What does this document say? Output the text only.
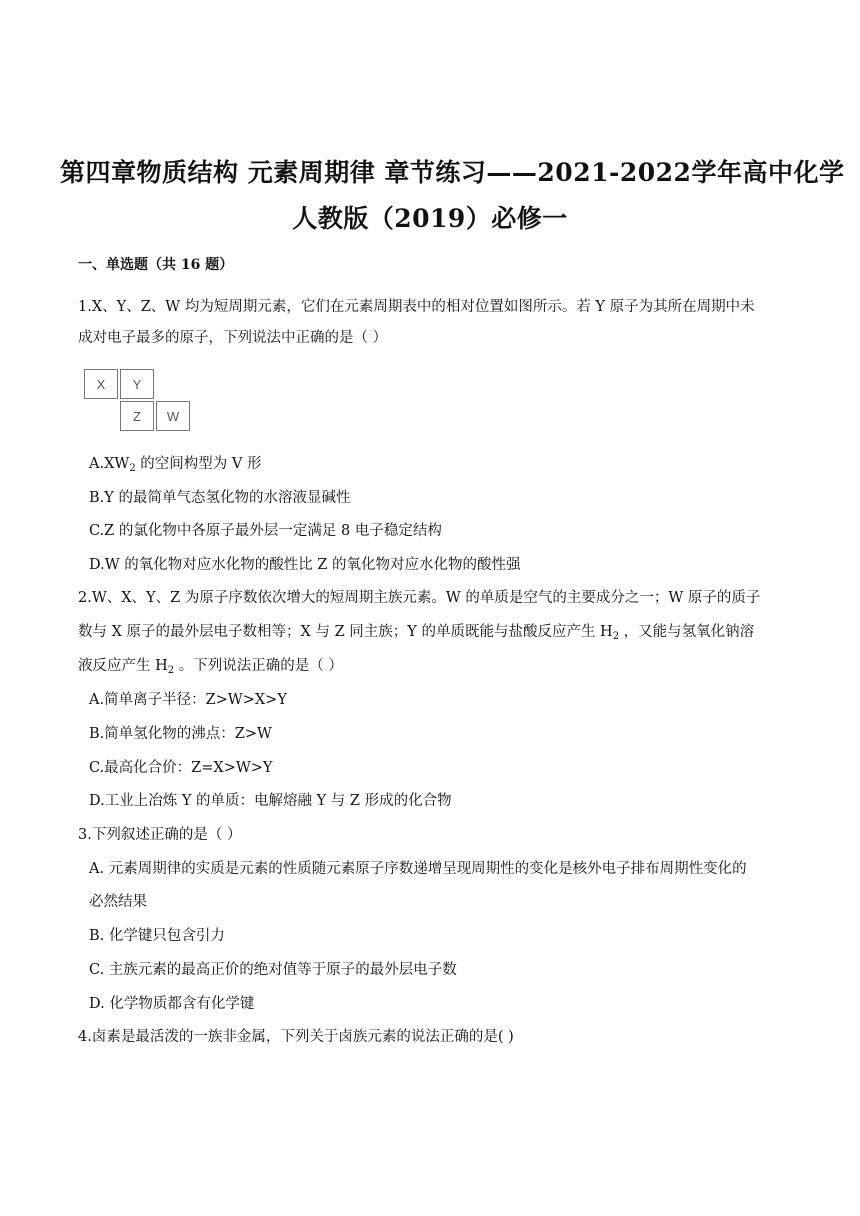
第四章物质结构 元素周期律 章节练习——2021-2022学年高中化学
人教版（2019）必修一
一、单选题（共 16 题）
1.X、Y、Z、W 均为短周期元素，它们在元素周期表中的相对位置如图所示。若 Y 原子为其所在周期中未
成对电子最多的原子，下列说法中正确的是（ ）
X	Y
Z	W
$A.XW_2$ 的空间构型为 V 形
B.Y 的最简单气态氢化物的水溶液显碱性
C.Z 的氯化物中各原子最外层一定满足 8 电子稳定结构
D.W 的氧化物对应水化物的酸性比 Z 的氧化物对应水化物的酸性强
2.W、X、Y、Z 为原子序数依次增大的短周期主族元素。W 的单质是空气的主要成分之一；W 原子的质子
数与 X 原子的最外层电子数相等；X 与 Z 同主族；Y 的单质既能与盐酸反应产生 $H_2$ ，又能与氢氧化钠溶
液反应产生 $H_2$ 。下列说法正确的是（ ）
A.简单离子半径：Z>W>X>Y
B.简单氢化物的沸点：Z>W
C.最高化合价：Z=X>W>Y
D.工业上冶炼 Y 的单质：电解熔融 Y 与 Z 形成的化合物
3.下列叙述正确的是（ ）
A. 元素周期律的实质是元素的性质随元素原子序数递增呈现周期性的变化是核外电子排布周期性变化的
必然结果
B. 化学键只包含引力
C. 主族元素的最高正价的绝对值等于原子的最外层电子数
D. 化学物质都含有化学键
4.卤素是最活泼的一族非金属，下列关于卤族元素的说法正确的是( )
